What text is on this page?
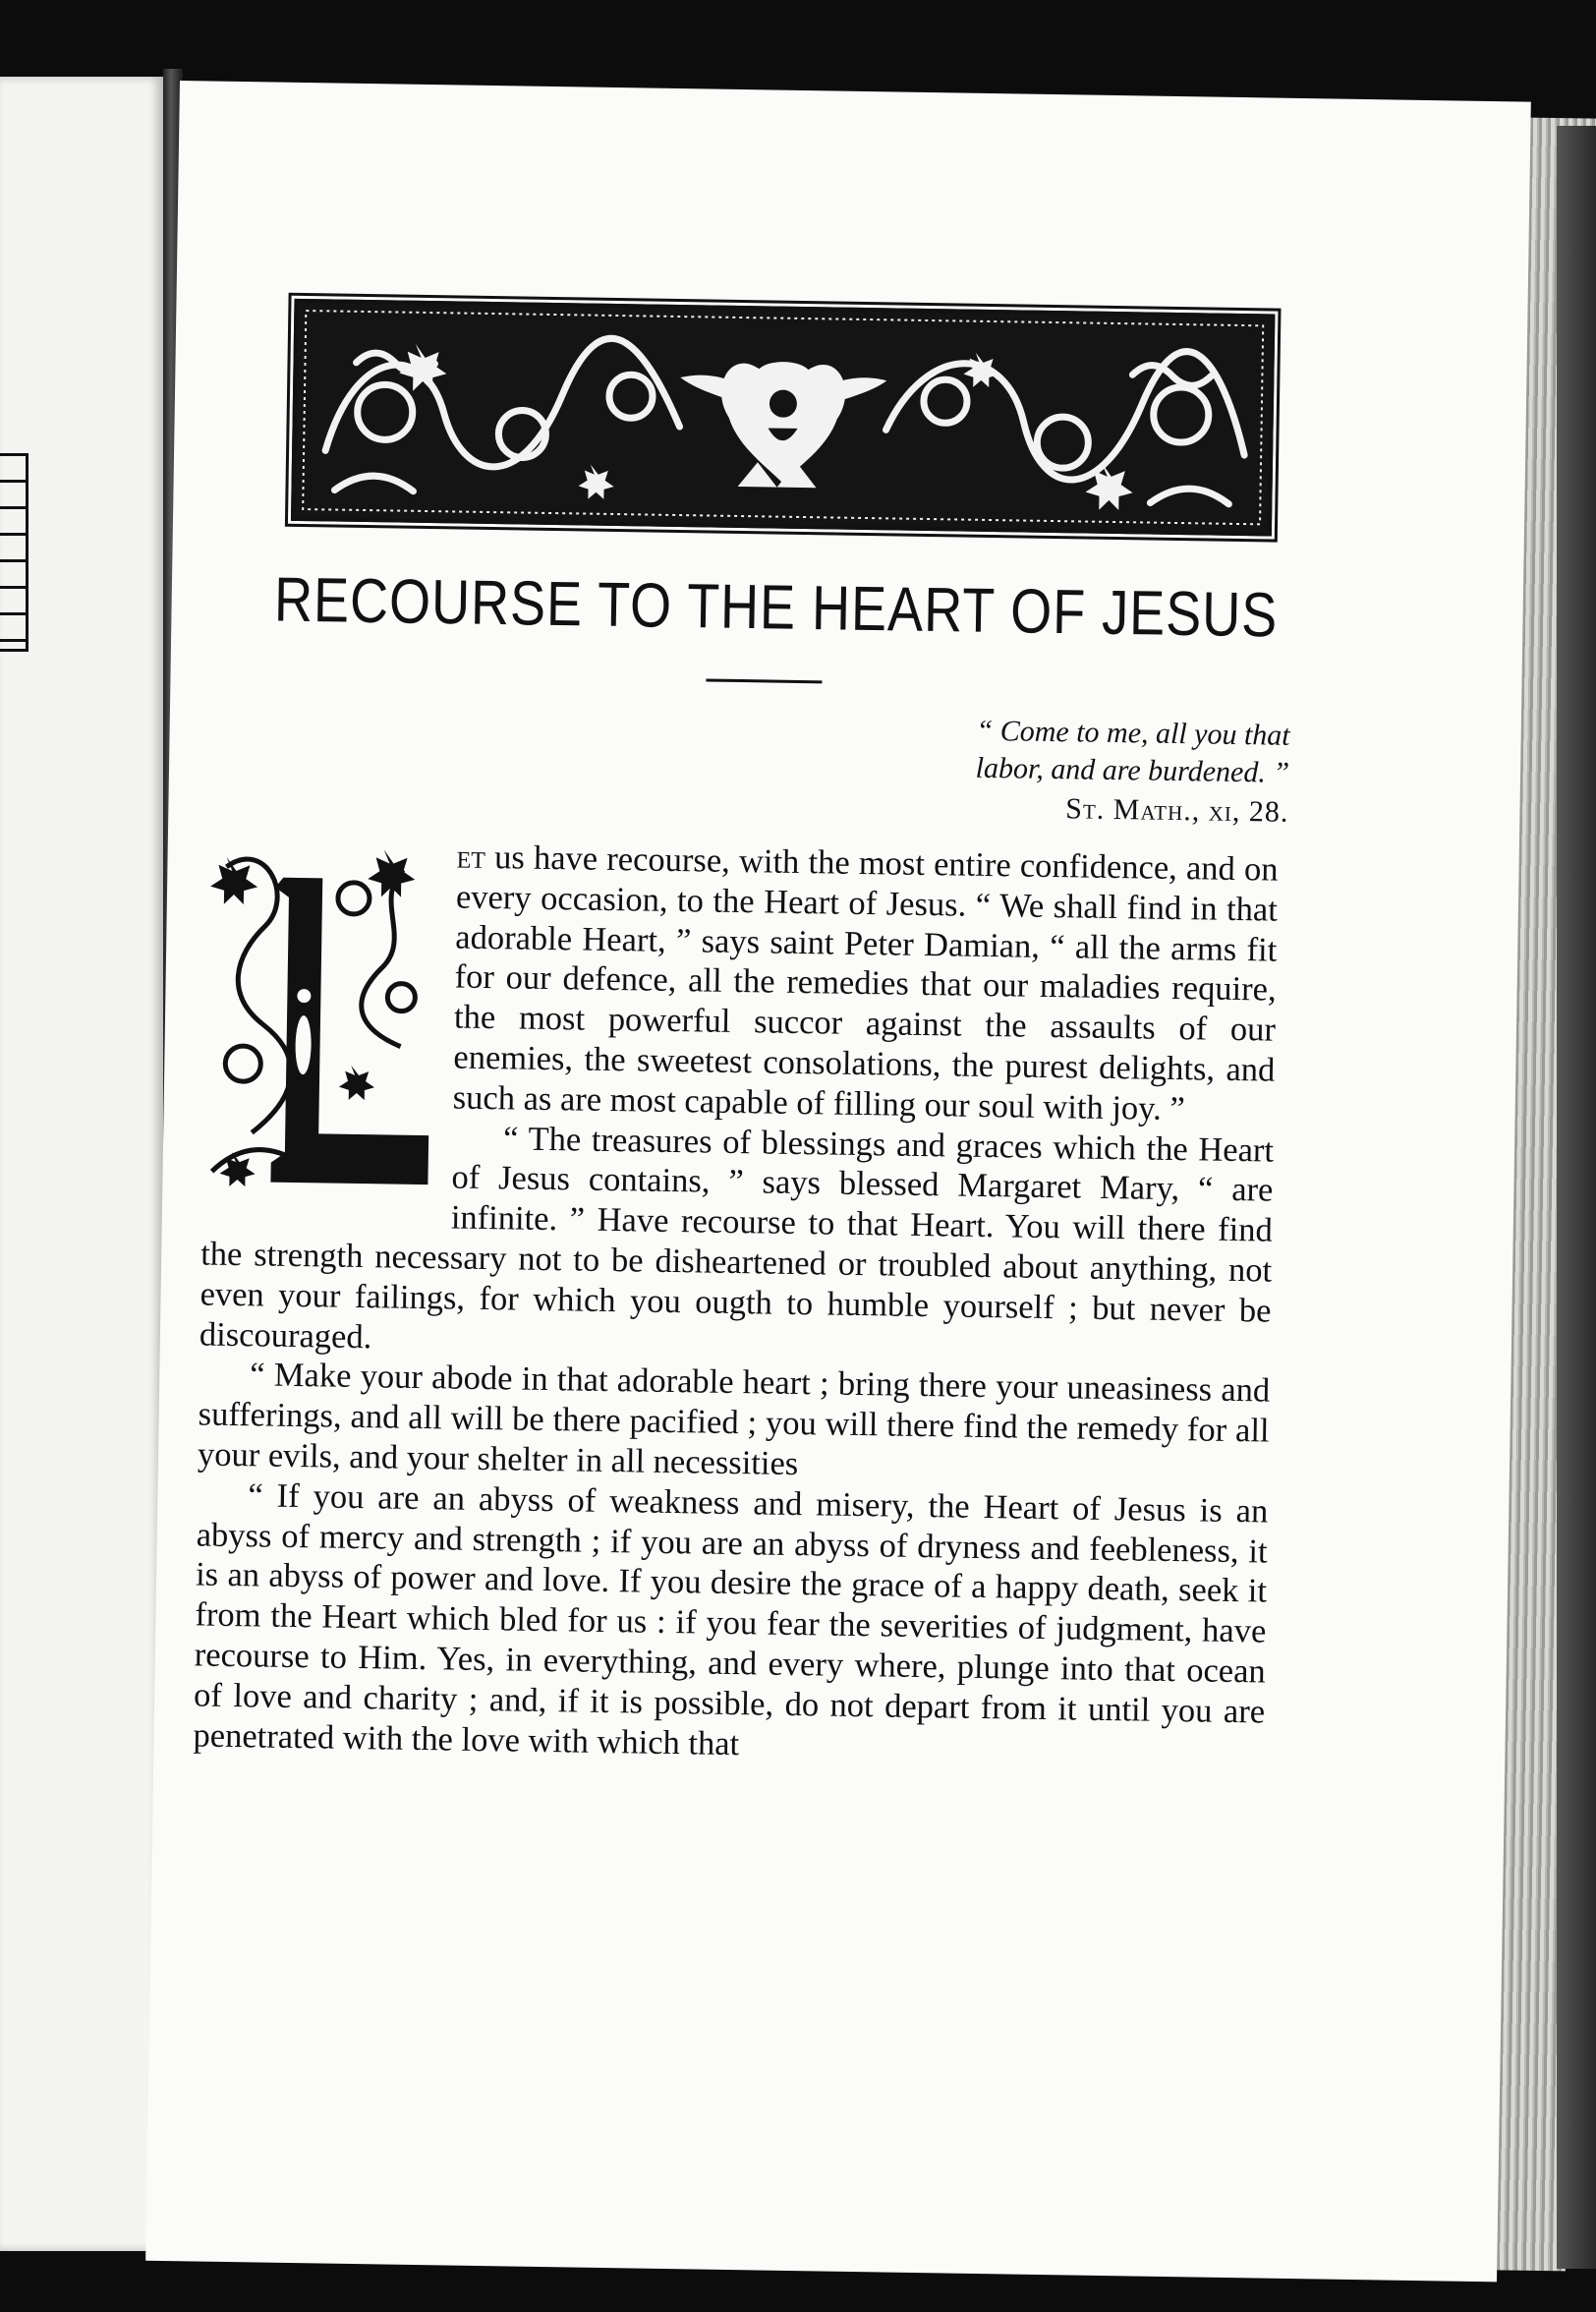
RECOURSE TO THE HEART OF JESUS
“ Come to me, all you that
labor, and are burdened. ”
St. Math., xi, 28.

et us have recourse, with the most entire confidence, and on every occasion, to the Heart of Jesus. “ We shall find in that adorable Heart, ” says saint Peter Damian, “ all the arms fit for our defence, all the remedies that our maladies require, the most powerful succor against the assaults of our enemies, the sweetest consolations, the purest delights, and such as are most capable of filling our soul with joy. ”

“ The treasures of blessings and graces which the Heart of Jesus contains, ” says blessed Margaret Mary, “ are infinite. ” Have recourse to that Heart. You will there find the strength necessary not to be disheartened or troubled about anything, not even your failings, for which you ougth to humble yourself ; but never be discouraged.

“ Make your abode in that adorable heart ; bring there your uneasiness and sufferings, and all will be there pacified ; you will there find the remedy for all your evils, and your shelter in all necessities

“ If you are an abyss of weakness and misery, the Heart of Jesus is an abyss of mercy and strength ; if you are an abyss of dryness and feebleness, it is an abyss of power and love. If you desire the grace of a happy death, seek it from the Heart which bled for us : if you fear the severities of judgment, have recourse to Him. Yes, in everything, and every where, plunge into that ocean of love and charity ; and, if it is possible, do not depart from it until you are penetrated with the love with which that
